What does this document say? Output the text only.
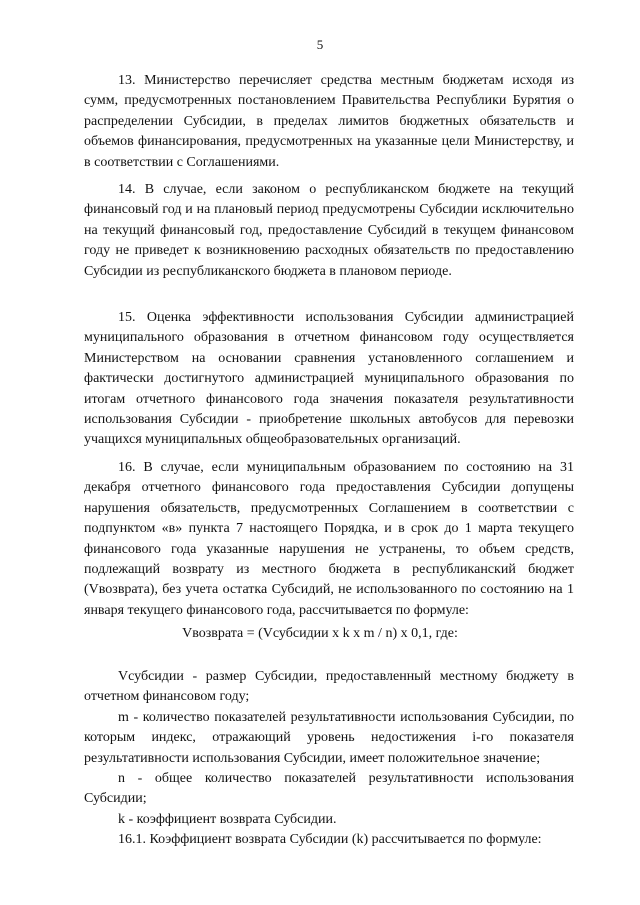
5

13. Министерство перечисляет средства местным бюджетам исходя из сумм, предусмотренных постановлением Правительства Республики Бурятия о распределении Субсидии, в пределах лимитов бюджетных обязательств и объемов финансирования, предусмотренных на указанные цели Министерству, и в соответствии с Соглашениями.

14. В случае, если законом о республиканском бюджете на текущий финансовый год и на плановый период предусмотрены Субсидии исключительно на текущий финансовый год, предоставление Субсидий в текущем финансовом году не приведет к возникновению расходных обязательств по предоставлению Субсидии из республиканского бюджета в плановом периоде.

15. Оценка эффективности использования Субсидии администрацией муниципального образования в отчетном финансовом году осуществляется Министерством на основании сравнения установленного соглашением и фактически достигнутого администрацией муниципального образования по итогам отчетного финансового года значения показателя результативности использования Субсидии - приобретение школьных автобусов для перевозки учащихся муниципальных общеобразовательных организаций.

16. В случае, если муниципальным образованием по состоянию на 31 декабря отчетного финансового года предоставления Субсидии допущены нарушения обязательств, предусмотренных Соглашением в соответствии с подпунктом «в» пункта 7 настоящего Порядка, и в срок до 1 марта текущего финансового года указанные нарушения не устранены, то объем средств, подлежащий возврату из местного бюджета в республиканский бюджет (Vвозврата), без учета остатка Субсидий, не использованного по состоянию на 1 января текущего финансового года, рассчитывается по формуле:

Vвозврата = (Vсубсидии x k x m / n) x 0,1, где:

Vсубсидии - размер Субсидии, предоставленный местному бюджету в отчетном финансовом году;

m - количество показателей результативности использования Субсидии, по которым индекс, отражающий уровень недостижения i-го показателя результативности использования Субсидии, имеет положительное значение;

n - общее количество показателей результативности использования Субсидии;

k - коэффициент возврата Субсидии.

16.1. Коэффициент возврата Субсидии (k) рассчитывается по формуле:
